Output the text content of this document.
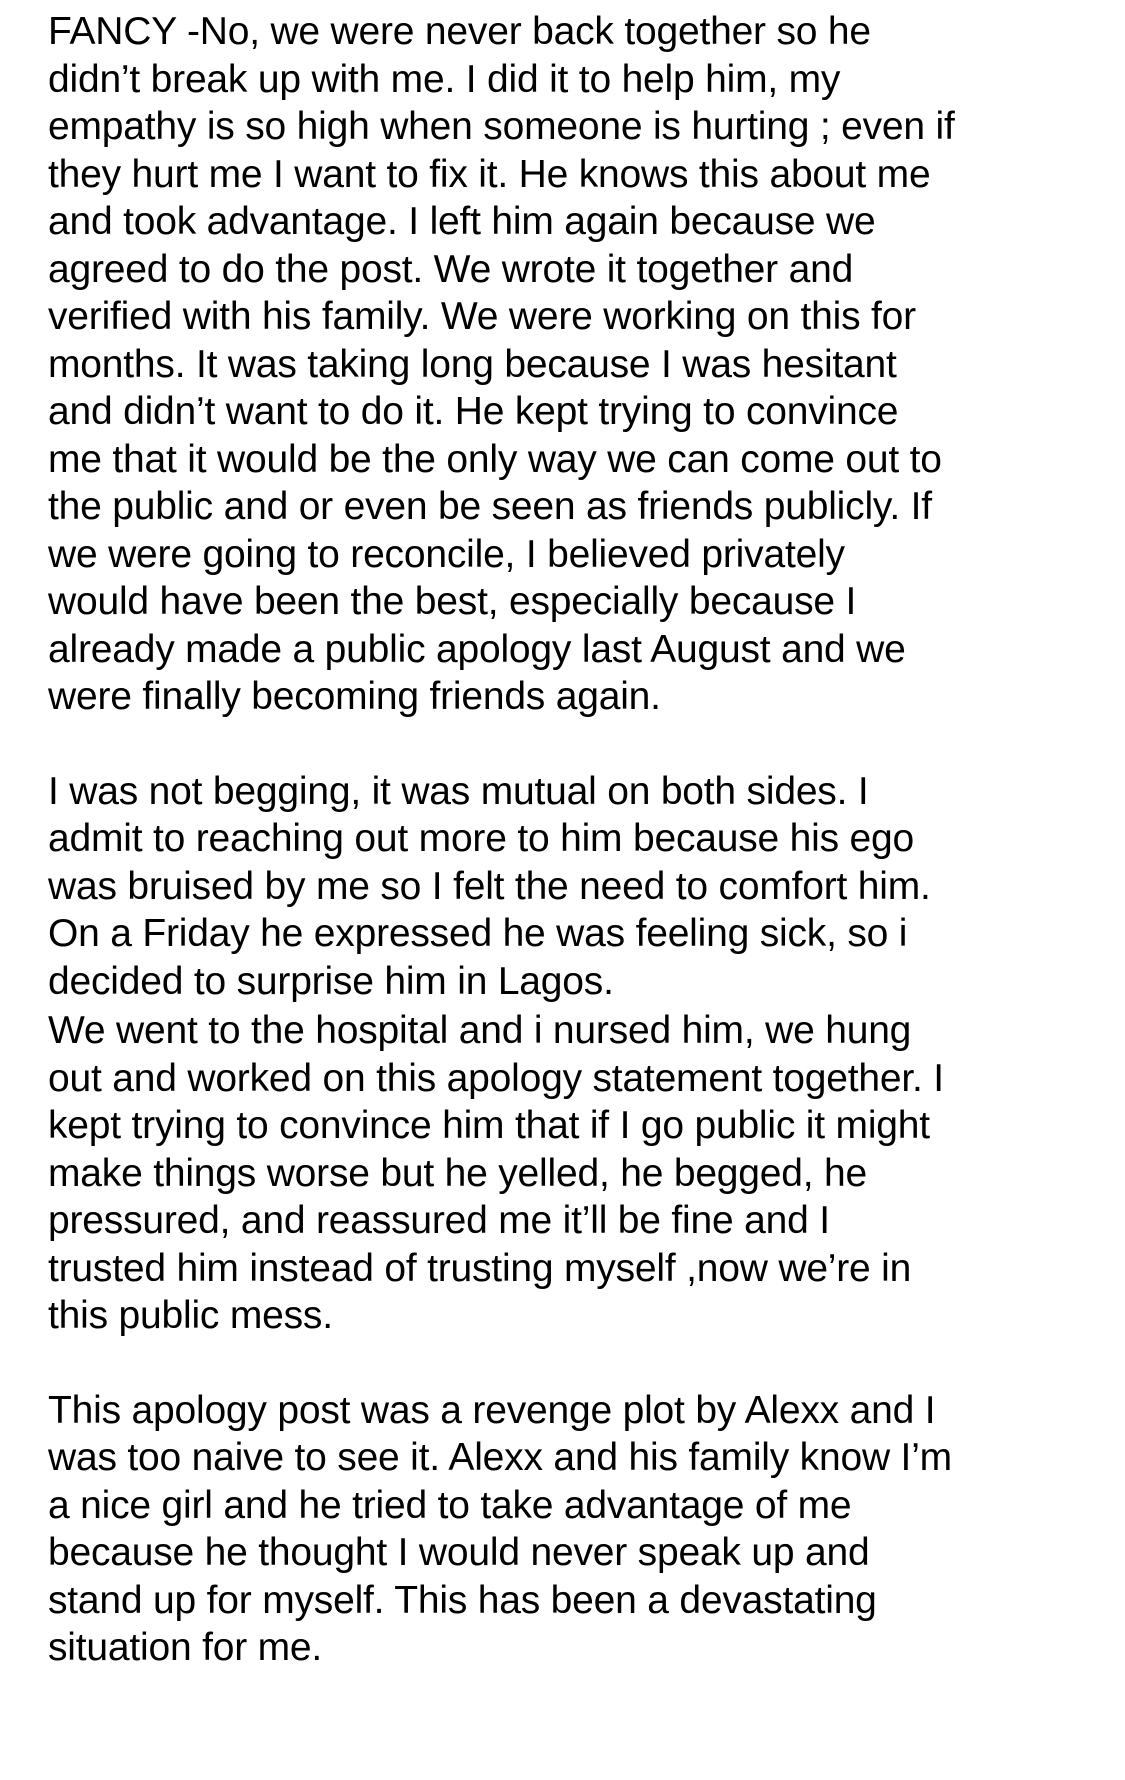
FANCY -No, we were never back together so he
didn’t break up with me. I did it to help him, my
empathy is so high when someone is hurting ; even if
they hurt me I want to fix it. He knows this about me
and took advantage. I left him again because we
agreed to do the post. We wrote it together and
verified with his family. We were working on this for
months. It was taking long because I was hesitant
and didn’t want to do it. He kept trying to convince
me that it would be the only way we can come out to
the public and or even be seen as friends publicly. If
we were going to reconcile, I believed privately
would have been the best, especially because I
already made a public apology last August and we
were finally becoming friends again.

I was not begging, it was mutual on both sides. I
admit to reaching out more to him because his ego
was bruised by me so I felt the need to comfort him.
On a Friday he expressed he was feeling sick, so i
decided to surprise him in Lagos.

We went to the hospital and i nursed him, we hung
out and worked on this apology statement together. I
kept trying to convince him that if I go public it might
make things worse but he yelled, he begged, he
pressured, and reassured me it’ll be fine and I
trusted him instead of trusting myself ,now we’re in
this public mess.

This apology post was a revenge plot by Alexx and I
was too naive to see it. Alexx and his family know I’m
a nice girl and he tried to take advantage of me
because he thought I would never speak up and
stand up for myself. This has been a devastating
situation for me.
